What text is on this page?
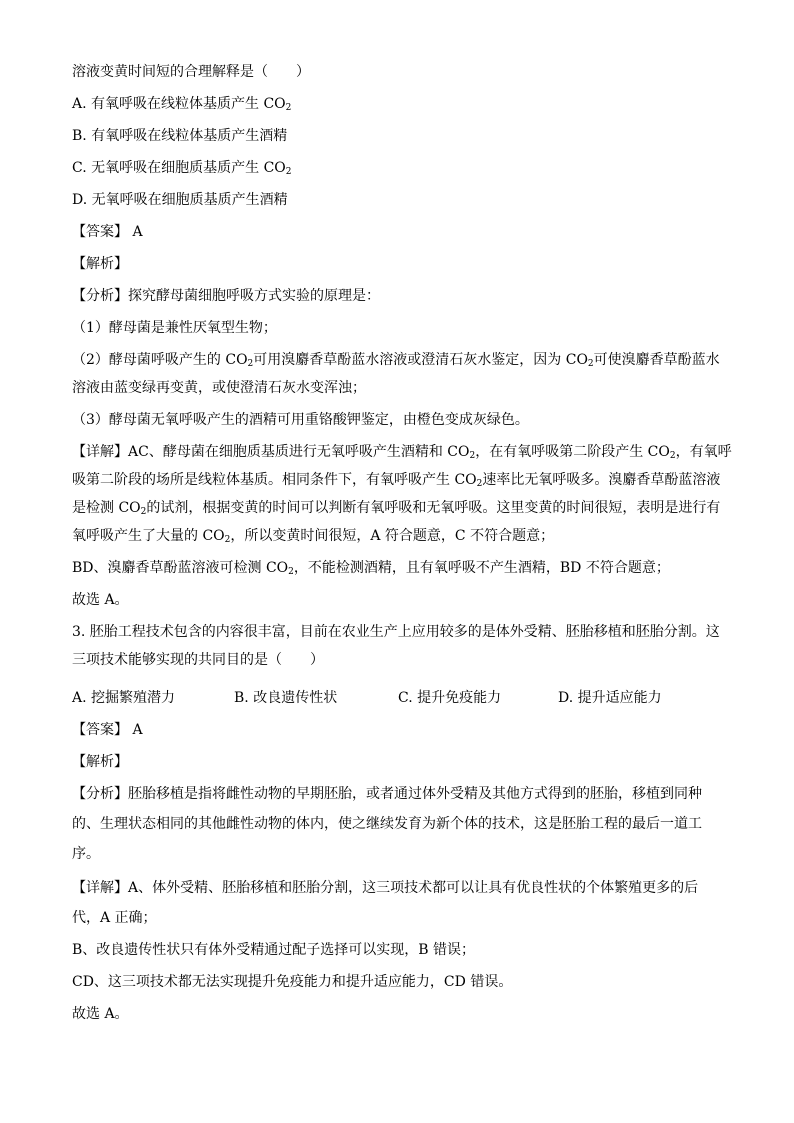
溶液变黄时间短的合理解释是（　　）
A. 有氧呼吸在线粒体基质产生 $CO_2$
B. 有氧呼吸在线粒体基质产生酒精
C. 无氧呼吸在细胞质基质产生 $CO_2$
D. 无氧呼吸在细胞质基质产生酒精
【答案】 A
【解析】
【分析】探究酵母菌细胞呼吸方式实验的原理是：
（1）酵母菌是兼性厌氧型生物；
（2）酵母菌呼吸产生的 $CO_2$可用溴麝香草酚蓝水溶液或澄清石灰水鉴定，因为 $CO_2$可使溴麝香草酚蓝水
溶液由蓝变绿再变黄，或使澄清石灰水变浑浊；
（3）酵母菌无氧呼吸产生的酒精可用重铬酸钾鉴定，由橙色变成灰绿色。
【详解】AC、酵母菌在细胞质基质进行无氧呼吸产生酒精和 $CO_2$，在有氧呼吸第二阶段产生 $CO_2$，有氧呼
吸第二阶段的场所是线粒体基质。相同条件下，有氧呼吸产生 $CO_2$速率比无氧呼吸多。溴麝香草酚蓝溶液
是检测 $CO_2$的试剂，根据变黄的时间可以判断有氧呼吸和无氧呼吸。这里变黄的时间很短，表明是进行有
氧呼吸产生了大量的 $CO_2$，所以变黄时间很短，A 符合题意，C 不符合题意；
BD、溴麝香草酚蓝溶液可检测 $CO_2$，不能检测酒精，且有氧呼吸不产生酒精，BD 不符合题意；
故选 A。
3. 胚胎工程技术包含的内容很丰富，目前在农业生产上应用较多的是体外受精、胚胎移植和胚胎分割。这
三项技术能够实现的共同目的是（　　）
A. 挖掘繁殖潜力	B. 改良遗传性状	C. 提升免疫能力	D. 提升适应能力
【答案】 A
【解析】
【分析】胚胎移植是指将雌性动物的早期胚胎，或者通过体外受精及其他方式得到的胚胎，移植到同种
的、生理状态相同的其他雌性动物的体内，使之继续发育为新个体的技术，这是胚胎工程的最后一道工
序。
【详解】A、体外受精、胚胎移植和胚胎分割，这三项技术都可以让具有优良性状的个体繁殖更多的后
代，A 正确；
B、改良遗传性状只有体外受精通过配子选择可以实现，B 错误；
CD、这三项技术都无法实现提升免疫能力和提升适应能力，CD 错误。
故选 A。
